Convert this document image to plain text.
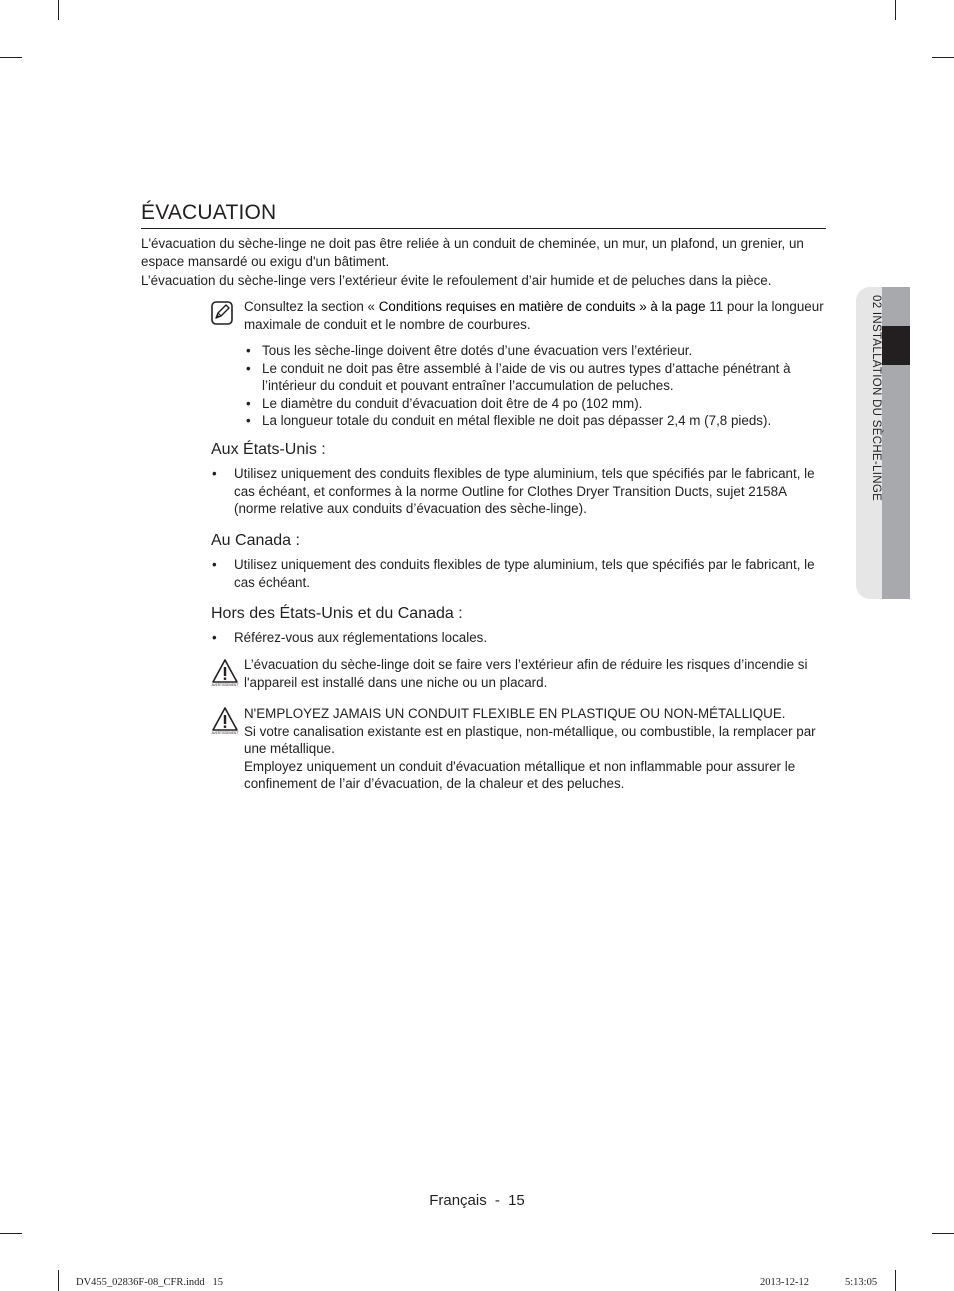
02 INSTALLATION DU SÈCHE-LINGE
ÉVACUATION
L'évacuation du sèche-linge ne doit pas être reliée à un conduit de cheminée, un mur, un plafond, un grenier, un espace mansardé ou exigu d'un bâtiment.
L’évacuation du sèche-linge vers l’extérieur évite le refoulement d’air humide et de peluches dans la pièce.
Consultez la section « Conditions requises en matière de conduits » à la page 11 pour la longueur maximale de conduit et le nombre de courbures.
• Tous les sèche-linge doivent être dotés d’une évacuation vers l’extérieur.
• Le conduit ne doit pas être assemblé à l’aide de vis ou autres types d’attache pénétrant à l’intérieur du conduit et pouvant entraîner l’accumulation de peluches.
• Le diamètre du conduit d’évacuation doit être de 4 po (102 mm).
• La longueur totale du conduit en métal flexible ne doit pas dépasser 2,4 m (7,8 pieds).
Aux États-Unis :
• Utilisez uniquement des conduits flexibles de type aluminium, tels que spécifiés par le fabricant, le cas échéant, et conformes à la norme Outline for Clothes Dryer Transition Ducts, sujet 2158A (norme relative aux conduits d’évacuation des sèche-linge).
Au Canada :
• Utilisez uniquement des conduits flexibles de type aluminium, tels que spécifiés par le fabricant, le cas échéant.
Hors des États-Unis et du Canada :
• Référez-vous aux réglementations locales.
AVERTISSEMENT
L’évacuation du sèche-linge doit se faire vers l’extérieur afin de réduire les risques d’incendie si l'appareil est installé dans une niche ou un placard.
AVERTISSEMENT
N'EMPLOYEZ JAMAIS UN CONDUIT FLEXIBLE EN PLASTIQUE OU NON-MÉTALLIQUE.
Si votre canalisation existante est en plastique, non-métallique, ou combustible, la remplacer par une métallique.
Employez uniquement un conduit d'évacuation métallique et non inflammable pour assurer le confinement de l’air d’évacuation, de la chaleur et des peluches.
Français - 15
DV455_02836F-08_CFR.indd   15	2013-12-12	5:13:05
